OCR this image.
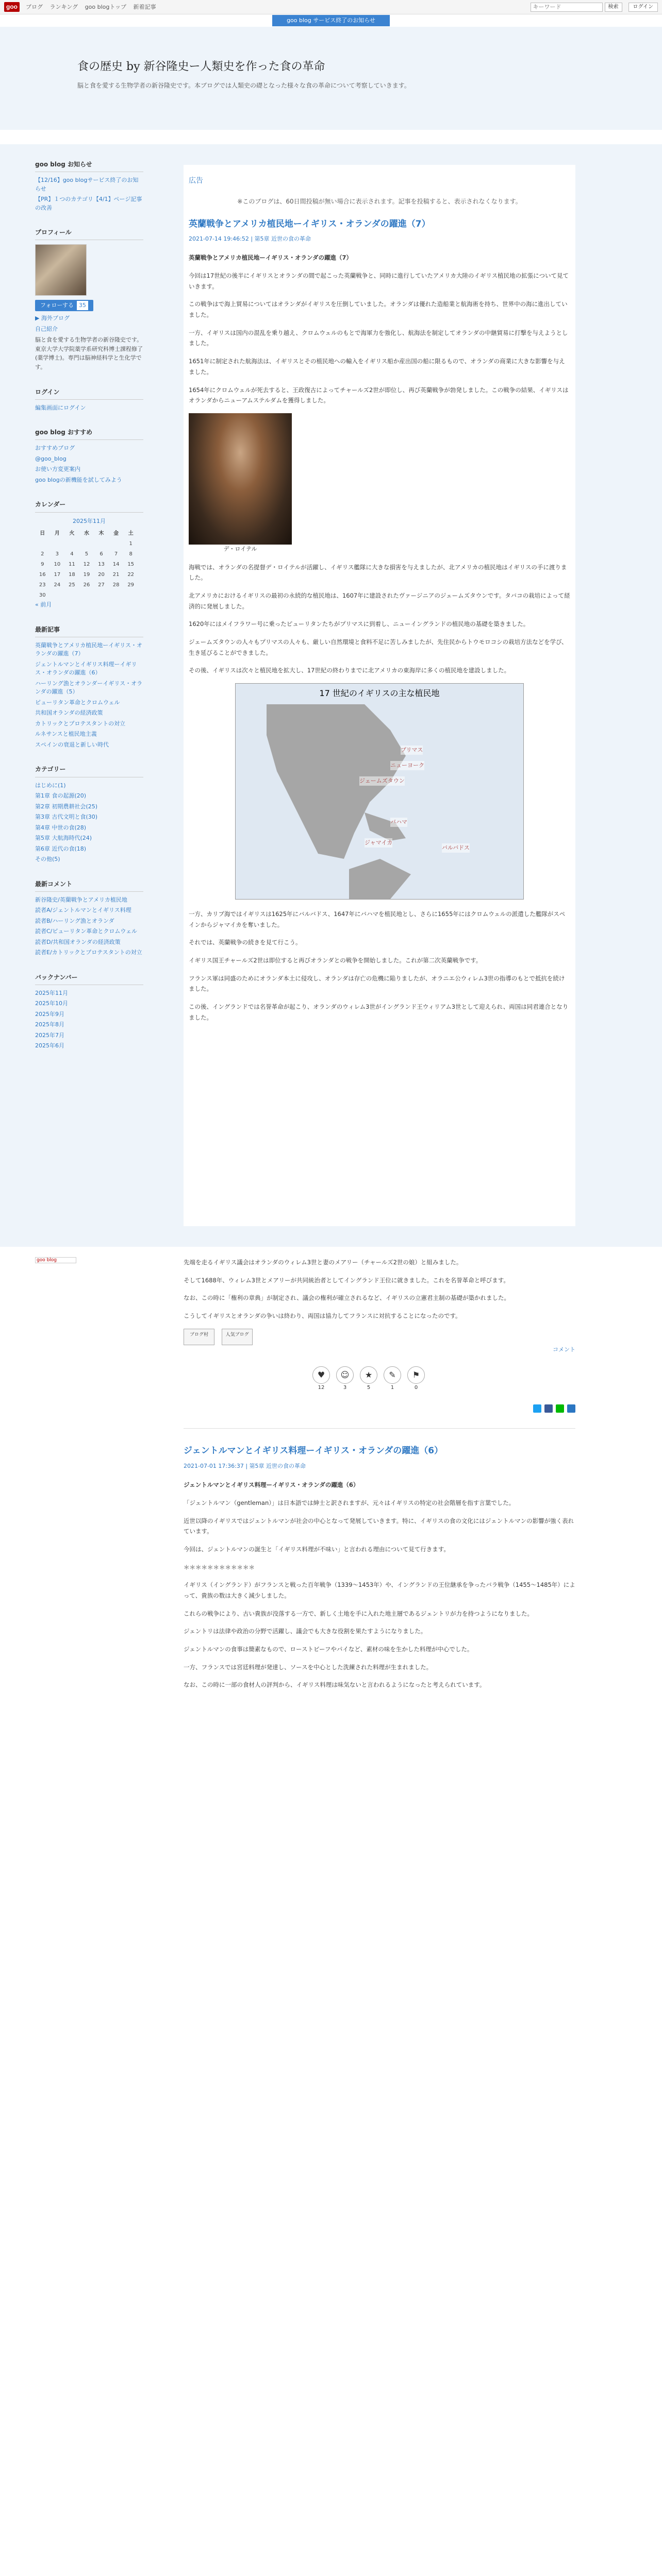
goo	ブログ ランキング goo blogトップ 新着記事
キーワード	検索	ログイン
goo blog サービス終了のお知らせ
食の歴史 by 新谷隆史ー人類史を作った食の革命

脳と食を愛する生物学者の新谷隆史です。本ブログでは人類史の礎となった様々な食の革命について考察していきます。

goo blog お知らせ
【12/16】goo blogサービス終了のお知らせ
【PR】１つのカテゴリ【4/1】ページ記事の改善
プロフィール
フォローする 35
▶ 海外ブログ
自己紹介
脳と食を愛する生物学者の新谷隆史です。 東京大学大学院薬学系研究科博士課程修了(薬学博士)。専門は脳神経科学と生化学です。
ログイン
編集画面にログイン
goo blog おすすめ
おすすめブログ
@goo_blog
お使い方変更案内
goo blogの新機能を試してみよう
カレンダー
2025年11月
日	月	火	水	木	金	土
						1
2	3	4	5	6	7	8
9	10	11	12	13	14	15
16	17	18	19	20	21	22
23	24	25	26	27	28	29
30						
« 前月
最新記事
英蘭戦争とアメリカ植民地ーイギリス・オランダの躍進（7）
ジェントルマンとイギリス料理ーイギリス・オランダの躍進（6）
ハーリング漁とオランダーイギリス・オランダの躍進（5）
ピューリタン革命とクロムウェル
共和国オランダの経済政策
カトリックとプロテスタントの対立
ルネサンスと植民地主義
スペインの衰退と新しい時代
カテゴリー
はじめに(1)
第1章 食の起源(20)
第2章 初期農耕社会(25)
第3章 古代文明と食(30)
第4章 中世の食(28)
第5章 大航海時代(24)
第6章 近代の食(18)
その他(5)
最新コメント
新谷隆史/英蘭戦争とアメリカ植民地
読者A/ジェントルマンとイギリス料理
読者B/ハーリング漁とオランダ
読者C/ピューリタン革命とクロムウェル
読者D/共和国オランダの経済政策
読者E/カトリックとプロテスタントの対立
バックナンバー
2025年11月
2025年10月
2025年9月
2025年8月
2025年7月
2025年6月
広告
※このブログは、60日間投稿が無い場合に表示されます。記事を投稿すると、表示されなくなります。
英蘭戦争とアメリカ植民地ーイギリス・オランダの躍進（7）
2021-07-14 19:46:52 | 第5章 近世の食の革命

英蘭戦争とアメリカ植民地ーイギリス・オランダの躍進（7）

今回は17世紀の後半にイギリスとオランダの間で起こった英蘭戦争と、同時に進行していたアメリカ大陸のイギリス植民地の拡張について見ていきます。

この戦争はで海上貿易についてはオランダがイギリスを圧倒していました。オランダは優れた造船業と航海術を持ち、世界中の海に進出していました。

一方、イギリスは国内の混乱を乗り越え、クロムウェルのもとで海軍力を強化し、航海法を制定してオランダの中継貿易に打撃を与えようとしました。

1651年に制定された航海法は、イギリスとその植民地への輸入をイギリス船か産出国の船に限るもので、オランダの商業に大きな影響を与えました。

1654年にクロムウェルが死去すると、王政復古によってチャールズ2世が即位し、再び英蘭戦争が勃発しました。この戦争の結果、イギリスはオランダからニューアムステルダムを獲得しました。

デ・ロイテル

海戦では、オランダの名提督デ・ロイテルが活躍し、イギリス艦隊に大きな損害を与えましたが、北アメリカの植民地はイギリスの手に渡りました。

北アメリカにおけるイギリスの最初の永続的な植民地は、1607年に建設されたヴァージニアのジェームズタウンです。タバコの栽培によって経済的に発展しました。

1620年にはメイフラワー号に乗ったピューリタンたちがプリマスに到着し、ニューイングランドの植民地の基礎を築きました。

ジェームズタウンの人々もプリマスの人々も、厳しい自然環境と食料不足に苦しみましたが、先住民からトウモロコシの栽培方法などを学び、生き延びることができました。

その後、イギリスは次々と植民地を拡大し、17世紀の終わりまでに北アメリカの東海岸に多くの植民地を建設しました。

17 世紀のイギリスの主な植民地
プリマス
ニューヨーク
ジェームズタウン
バハマ
ジャマイカ
バルバドス

一方、カリブ海ではイギリスは1625年にバルバドス、1647年にバハマを植民地とし、さらに1655年にはクロムウェルの派遣した艦隊がスペインからジャマイカを奪いました。

それでは、英蘭戦争の続きを見て行こう。

イギリス国王チャールズ2世は即位すると再びオランダとの戦争を開始しました。これが第二次英蘭戦争です。

フランス軍は同盛のためにオランダ本土に侵攻し、オランダは存亡の危機に陥りましたが、オラニエ公ウィレム3世の指導のもとで抵抗を続けました。

この後、イングランドでは名誉革命が起こり、オランダのウィレム3世がイングランド王ウィリアム3世として迎えられ、両国は同君連合となりました。

goo blog	先端を走るイギリス議会はオランダのウィレム3世と妻のメアリー（チャールズ2世の娘）と組みました。

そして1688年、ウィレム3世とメアリーが共同統治者としてイングランド王位に就きました。これを名誉革命と呼びます。

なお、この時に「権利の章典」が制定され、議会の権利が確立されるなど、イギリスの立憲君主制の基礎が築かれました。

こうしてイギリスとオランダの争いは終わり、両国は協力してフランスに対抗することになったのです。

ブログ村	人気ブログ
コメント
♥
12
☺
3
★
5
✎
1
⚑
0
ジェントルマンとイギリス料理ーイギリス・オランダの躍進（6）
2021-07-01 17:36:37 | 第5章 近世の食の革命

ジェントルマンとイギリス料理ーイギリス・オランダの躍進（6）

「ジェントルマン（gentleman）」は日本語では紳士と訳されますが、元々はイギリスの特定の社会階層を指す言葉でした。

近世以降のイギリスではジェントルマンが社会の中心となって発展していきます。特に、イギリスの食の文化にはジェントルマンの影響が強く表れています。

今回は、ジェントルマンの誕生と「イギリス料理が不味い」と言われる理由について見て行きます。

＊＊＊＊＊＊＊＊＊＊＊＊

イギリス（イングランド）がフランスと戦った百年戦争（1339〜1453年）や、イングランドの王位継承を争ったバラ戦争（1455〜1485年）によって、貴族の数は大きく減少しました。

これらの戦争により、古い貴族が没落する一方で、新しく土地を手に入れた地主層であるジェントリが力を持つようになりました。

ジェントリは法律や政治の分野で活躍し、議会でも大きな役割を果たすようになりました。

ジェントルマンの食事は簡素なもので、ローストビーフやパイなど、素材の味を生かした料理が中心でした。

一方、フランスでは宮廷料理が発達し、ソースを中心とした洗練された料理が生まれました。

なお、この時に一部の食材人の評判から、イギリス料理は味気ないと言われるようになったと考えられています。
